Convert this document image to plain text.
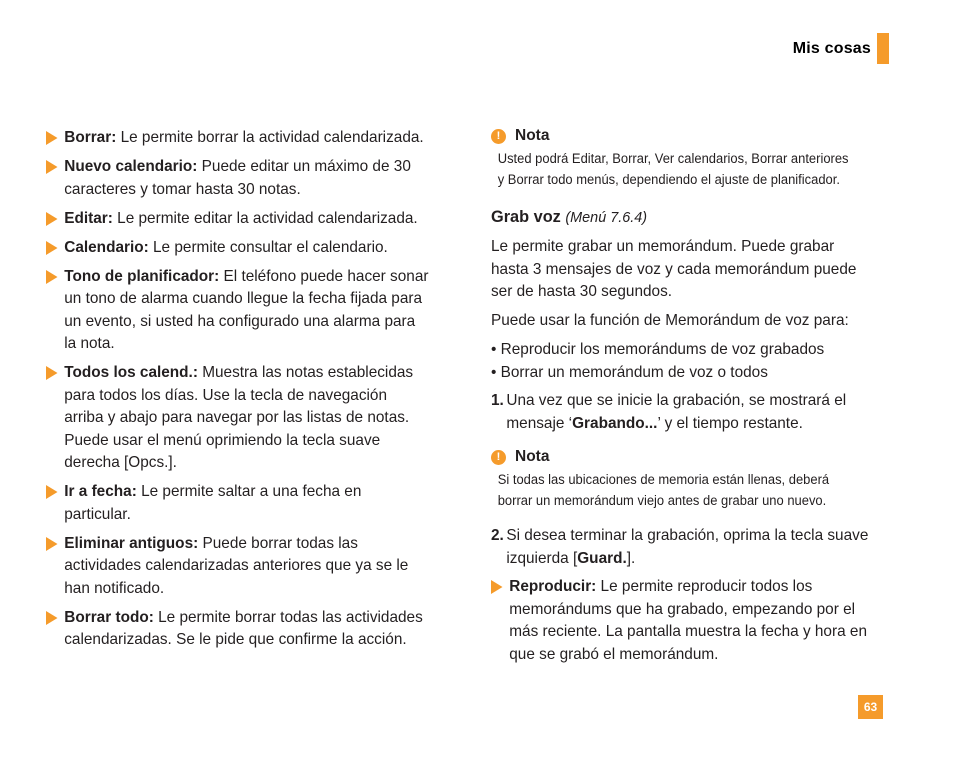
Mis cosas
Borrar: Le permite borrar la actividad calendarizada.
Nuevo calendario: Puede editar un máximo de 30 caracteres y tomar hasta 30 notas.
Editar: Le permite editar la actividad calendarizada.
Calendario: Le permite consultar el calendario.
Tono de planificador: El teléfono puede hacer sonar un tono de alarma cuando llegue la fecha fijada para un evento, si usted ha configurado una alarma para la nota.
Todos los calend.: Muestra las notas establecidas para todos los días. Use la tecla de navegación arriba y abajo para navegar por las listas de notas. Puede usar el menú oprimiendo la tecla suave derecha [Opcs.].
Ir a fecha: Le permite saltar a una fecha en particular.
Eliminar antiguos: Puede borrar todas las actividades calendarizadas anteriores que ya se le han notificado.
Borrar todo: Le permite borrar todas las actividades calendarizadas. Se le pide que confirme la acción.
! Nota
Usted podrá Editar, Borrar, Ver calendarios, Borrar anteriores
y Borrar todo menús, dependiendo el ajuste de planificador.
Grab voz (Menú 7.6.4)
Le permite grabar un memorándum. Puede grabar
hasta 3 mensajes de voz y cada memorándum puede
ser de hasta 30 segundos.
Puede usar la función de Memorándum de voz para:
• Reproducir los memorándums de voz grabados
• Borrar un memorándum de voz o todos
1. Una vez que se inicie la grabación, se mostrará el mensaje ‘Grabando...’ y el tiempo restante.
! Nota
Si todas las ubicaciones de memoria están llenas, deberá
borrar un memorándum viejo antes de grabar uno nuevo.
2. Si desea terminar la grabación, oprima la tecla suave izquierda [Guard.].
Reproducir: Le permite reproducir todos los memorándums que ha grabado, empezando por el más reciente. La pantalla muestra la fecha y hora en que se grabó el memorándum.
63
